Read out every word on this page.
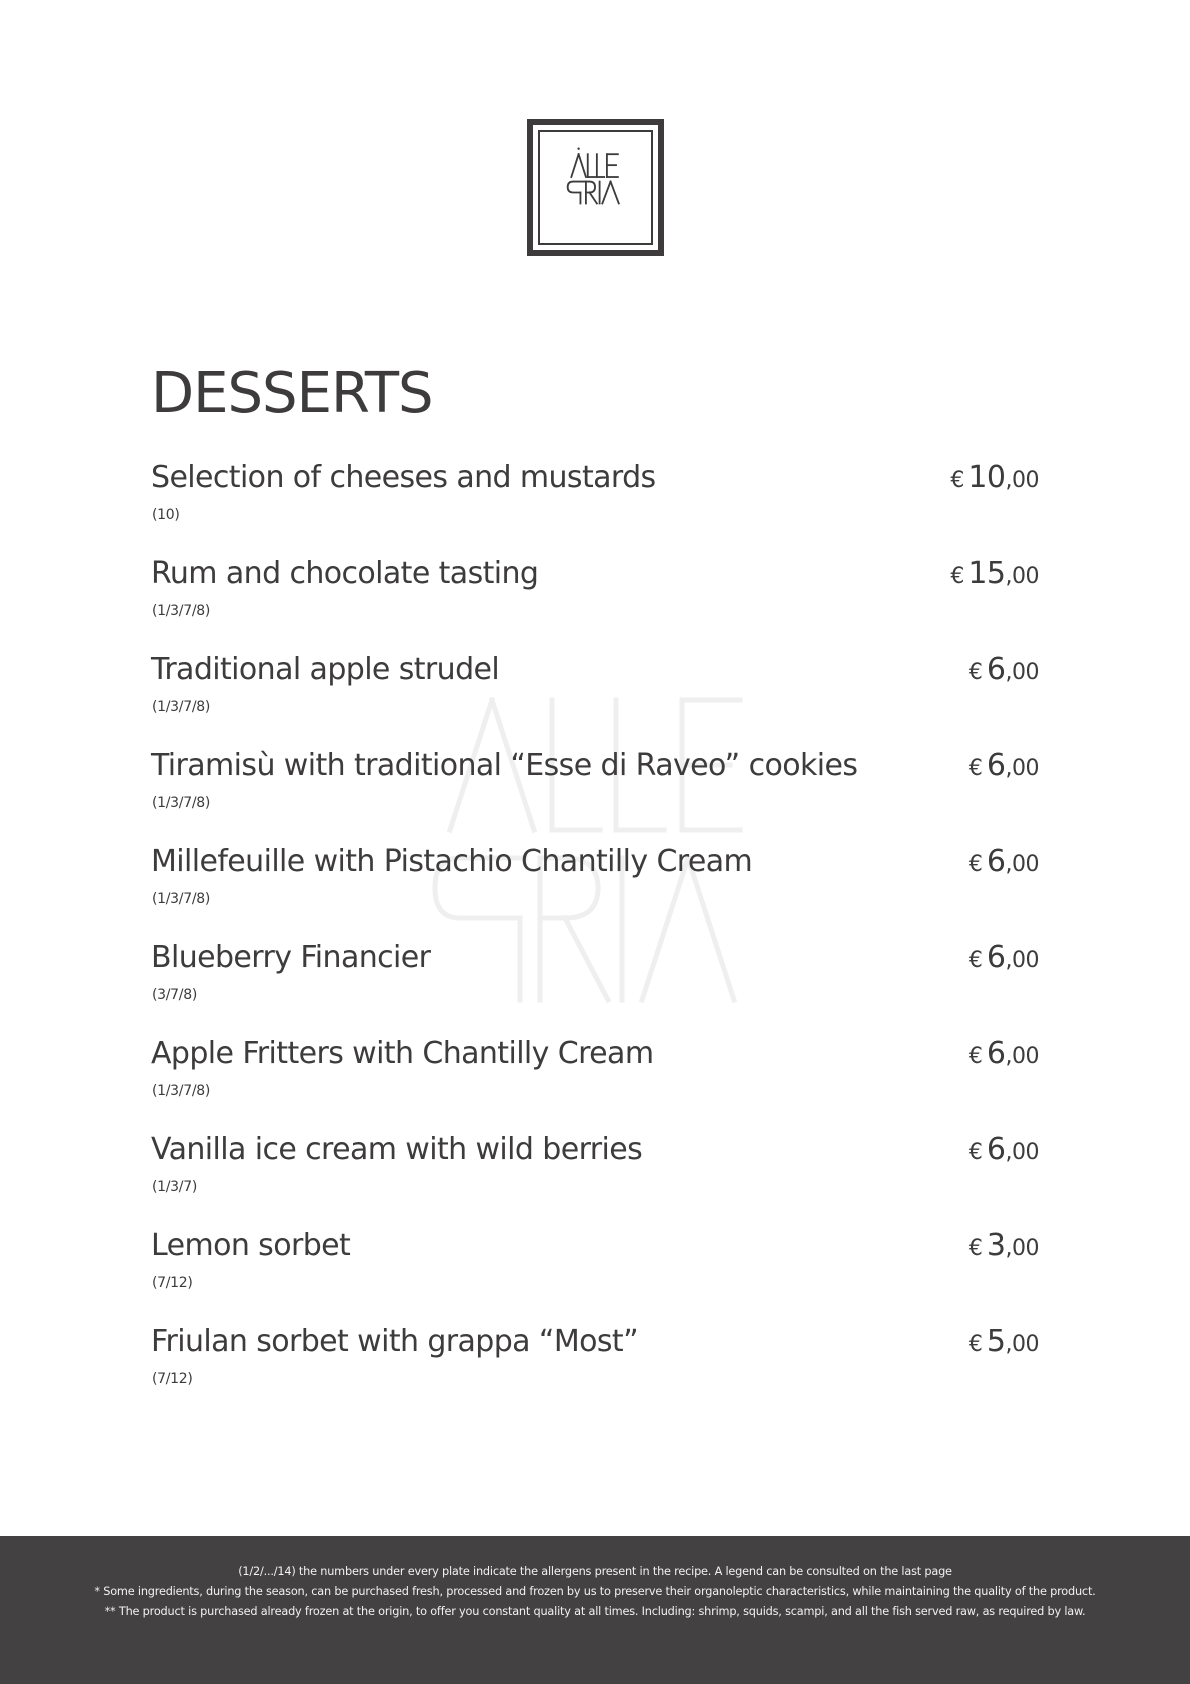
DESSERTS
Selection of cheeses and mustards
(10)
€ 10,00
Rum and chocolate tasting
(1/3/7/8)
€ 15,00
Traditional apple strudel
(1/3/7/8)
€ 6,00
Tiramisù with traditional “Esse di Raveo” cookies
(1/3/7/8)
€ 6,00
Millefeuille with Pistachio Chantilly Cream
(1/3/7/8)
€ 6,00
Blueberry Financier
(3/7/8)
€ 6,00
Apple Fritters with Chantilly Cream
(1/3/7/8)
€ 6,00
Vanilla ice cream with wild berries
(1/3/7)
€ 6,00
Lemon sorbet
(7/12)
€ 3,00
Friulan sorbet with grappa “Most”
(7/12)
€ 5,00
(1/2/.../14) the numbers under every plate indicate the allergens present in the recipe. A legend can be consulted on the last page
* Some ingredients, during the season, can be purchased fresh, processed and frozen by us to preserve their organoleptic characteristics, while maintaining the quality of the product.
** The product is purchased already frozen at the origin, to offer you constant quality at all times. Including: shrimp, squids, scampi, and all the fish served raw, as required by law.
